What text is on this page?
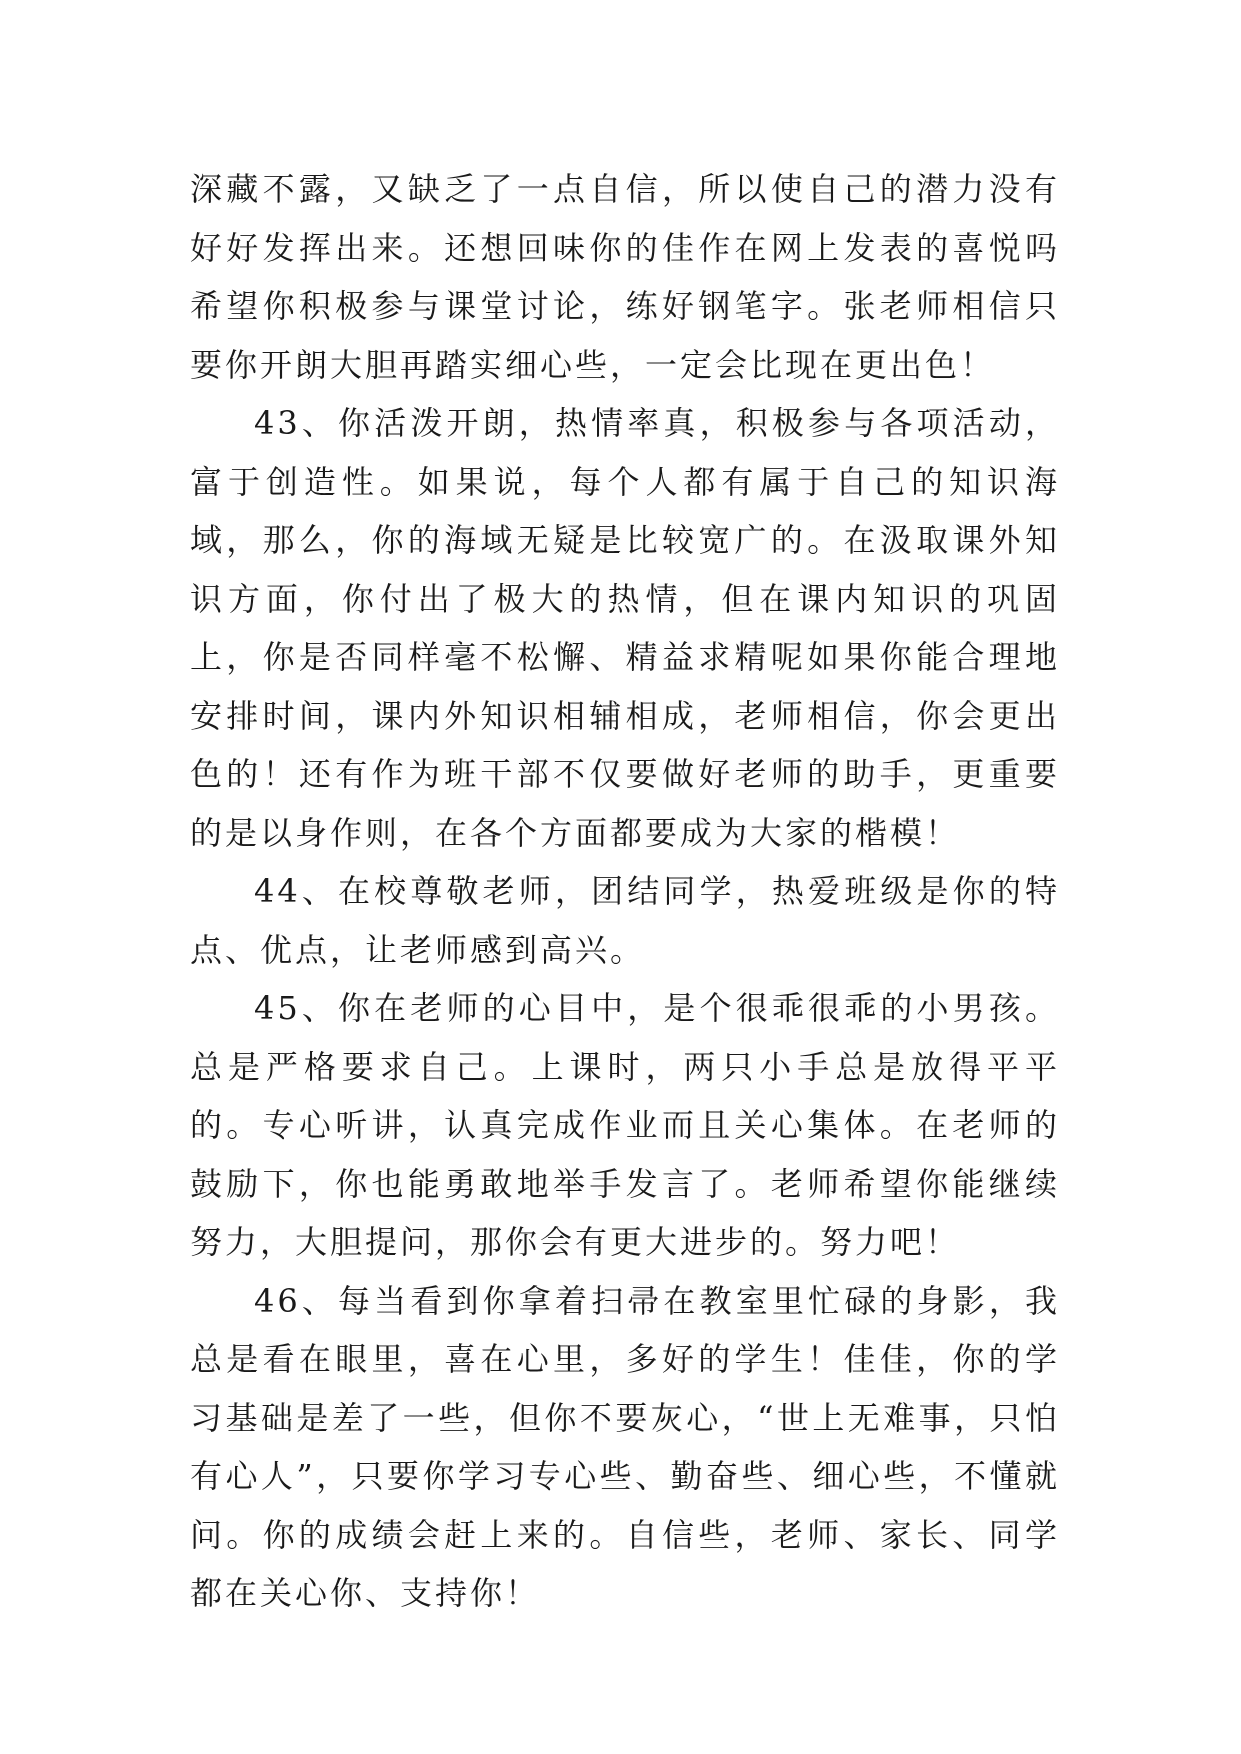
深藏不露，又缺乏了一点自信，所以使自己的潜力没有好好发挥出来。还想回味你的佳作在网上发表的喜悦吗希望你积极参与课堂讨论，练好钢笔字。张老师相信只要你开朗大胆再踏实细心些，一定会比现在更出色！

43、你活泼开朗，热情率真，积极参与各项活动，富于创造性。如果说，每个人都有属于自己的知识海域，那么，你的海域无疑是比较宽广的。在汲取课外知识方面，你付出了极大的热情，但在课内知识的巩固上，你是否同样毫不松懈、精益求精呢如果你能合理地安排时间，课内外知识相辅相成，老师相信，你会更出色的！还有作为班干部不仅要做好老师的助手，更重要的是以身作则，在各个方面都要成为大家的楷模！

44、在校尊敬老师，团结同学，热爱班级是你的特点、优点，让老师感到高兴。

45、你在老师的心目中，是个很乖很乖的小男孩。总是严格要求自己。上课时，两只小手总是放得平平的。专心听讲，认真完成作业而且关心集体。在老师的鼓励下，你也能勇敢地举手发言了。老师希望你能继续努力，大胆提问，那你会有更大进步的。努力吧！

46、每当看到你拿着扫帚在教室里忙碌的身影，我总是看在眼里，喜在心里，多好的学生！佳佳，你的学习基础是差了一些，但你不要灰心，“世上无难事，只怕有心人”，只要你学习专心些、勤奋些、细心些，不懂就问。你的成绩会赶上来的。自信些，老师、家长、同学都在关心你、支持你！
